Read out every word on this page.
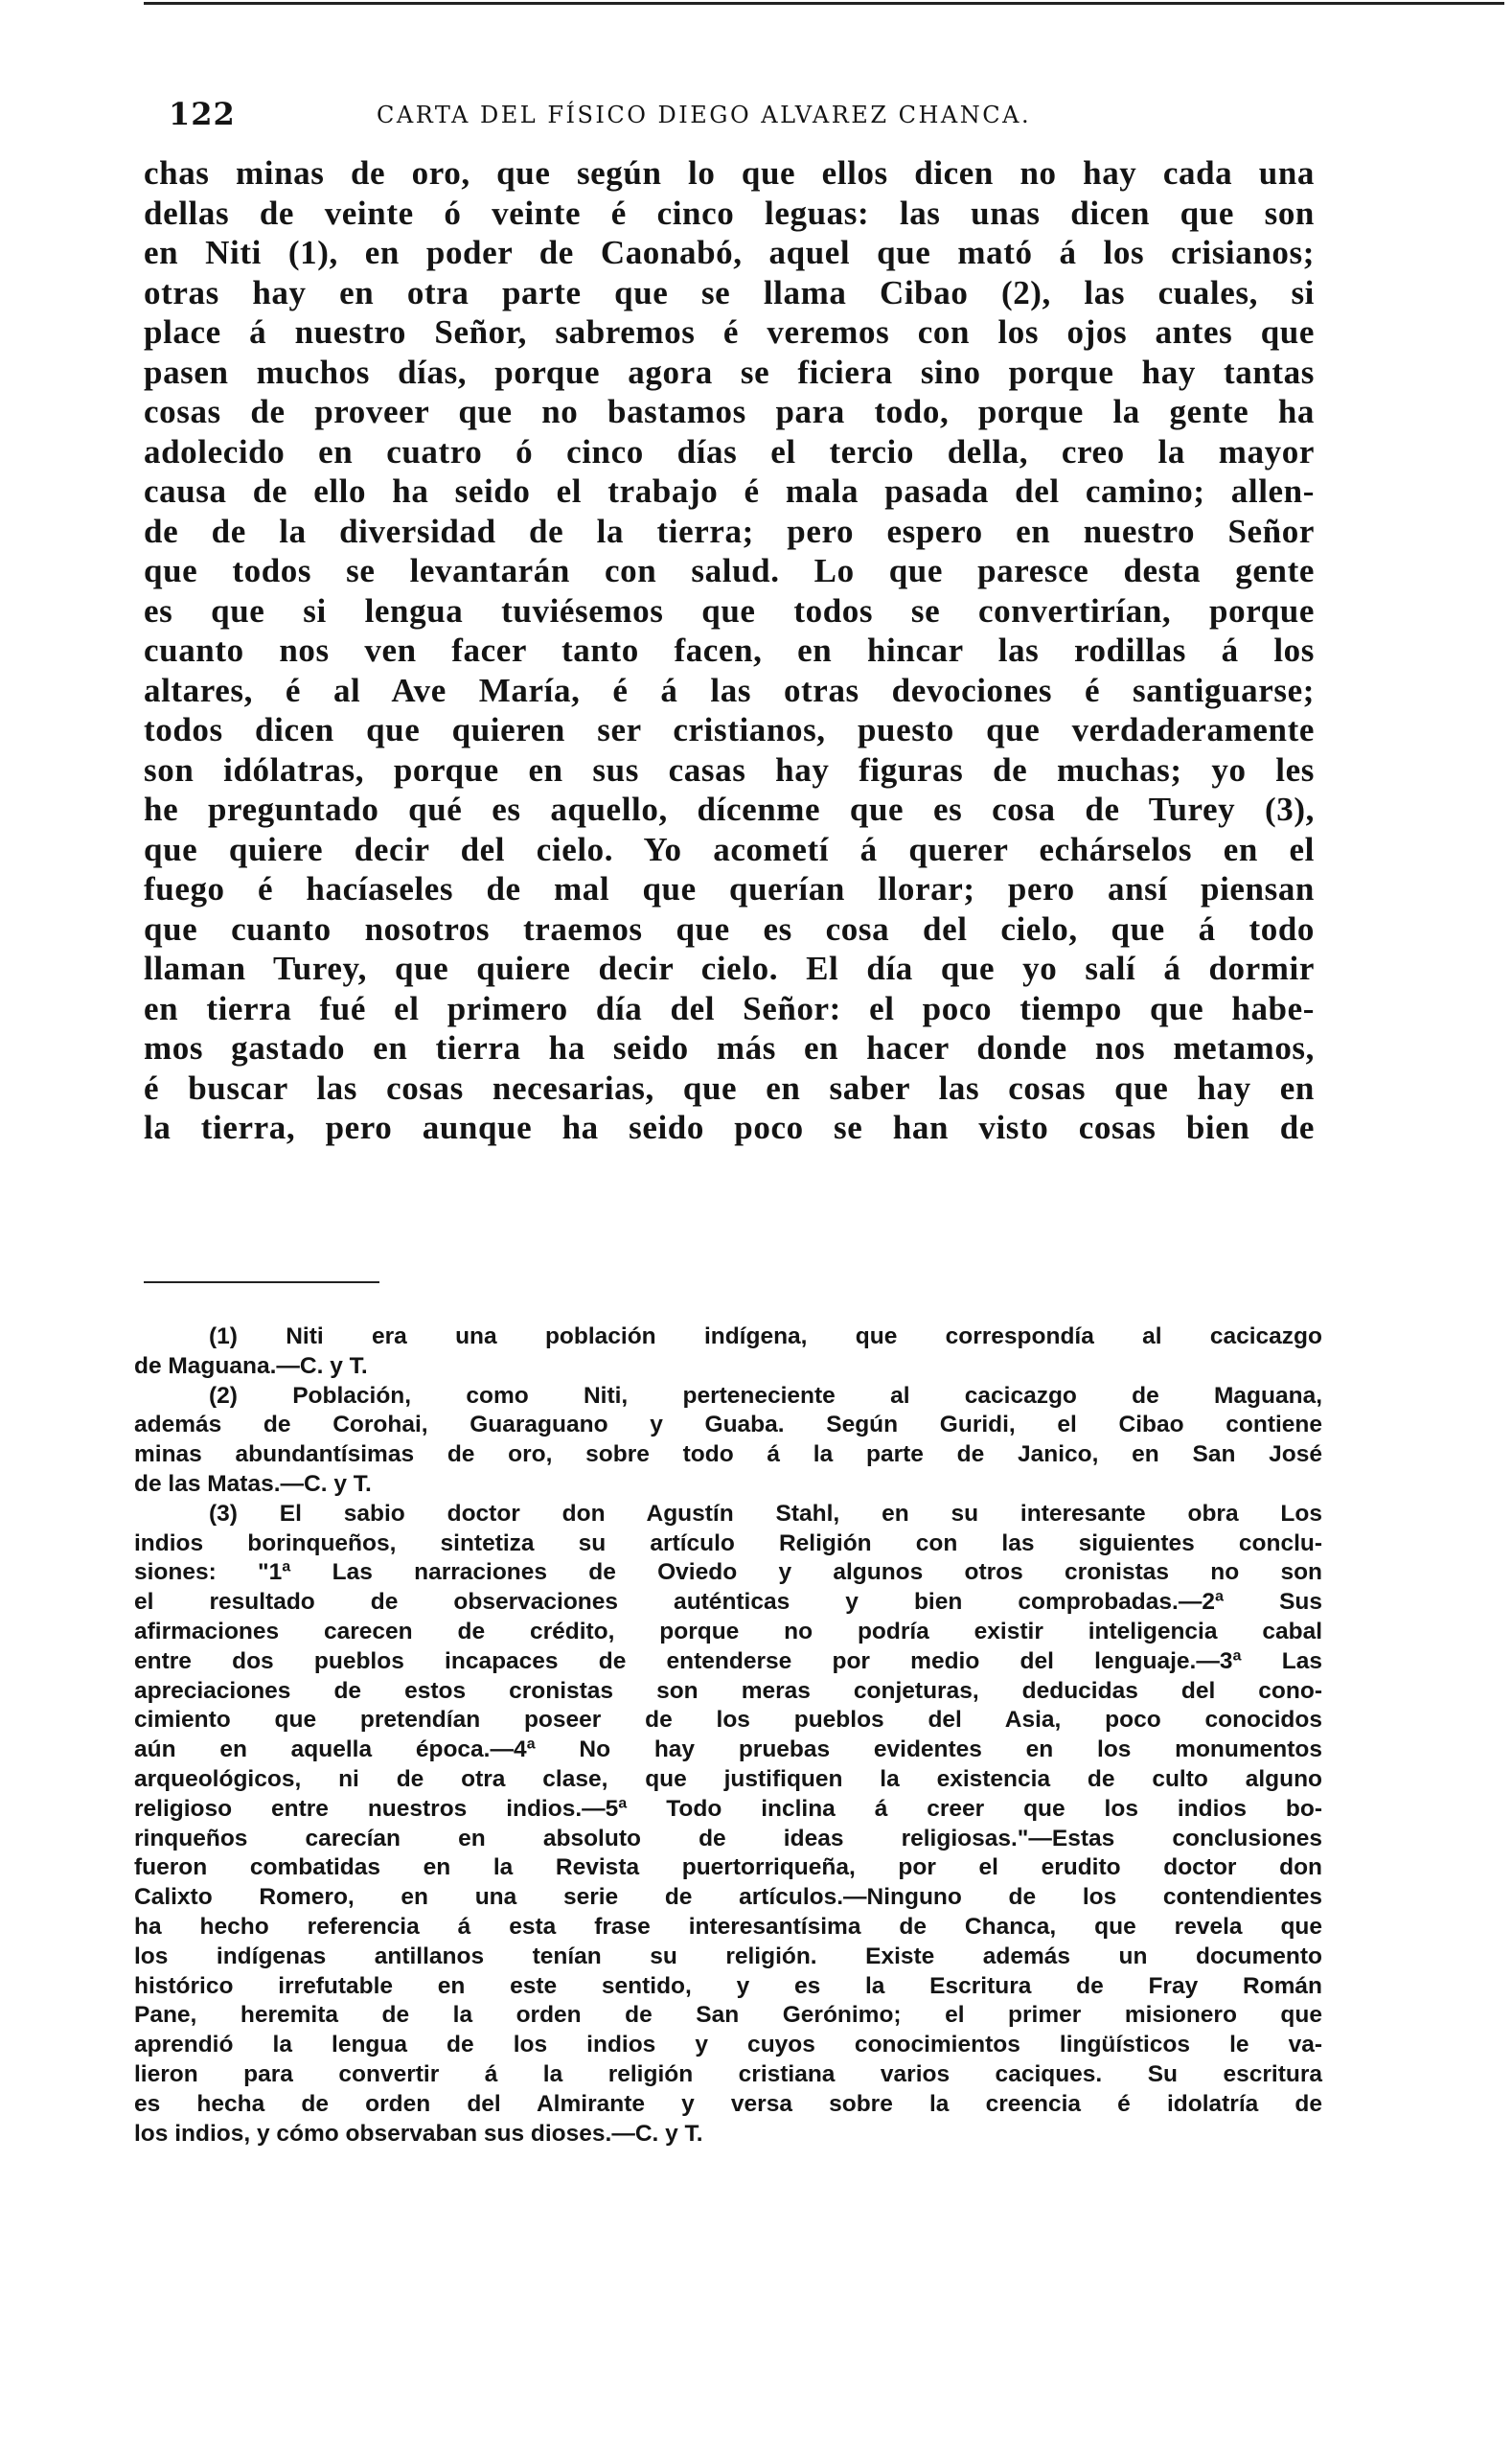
122	CARTA DEL FÍSICO DIEGO ALVAREZ CHANCA.

chas minas de oro, que según lo que ellos dicen no hay cada una
dellas de veinte ó veinte é cinco leguas: las unas dicen que son
en Niti (1), en poder de Caonabó, aquel que mató á los crisianos;
otras hay en otra parte que se llama Cibao (2), las cuales, si
place á nuestro Señor, sabremos é veremos con los ojos antes que
pasen muchos días, porque agora se ficiera sino porque hay tantas
cosas de proveer que no bastamos para todo, porque la gente ha
adolecido en cuatro ó cinco días el tercio della, creo la mayor
causa de ello ha seido el trabajo é mala pasada del camino; allen-
de de la diversidad de la tierra; pero espero en nuestro Señor
que todos se levantarán con salud. Lo que paresce desta gente
es que si lengua tuviésemos que todos se convertirían, porque
cuanto nos ven facer tanto facen, en hincar las rodillas á los
altares, é al Ave María, é á las otras devociones é santiguarse;
todos dicen que quieren ser cristianos, puesto que verdaderamente
son idólatras, porque en sus casas hay figuras de muchas; yo les
he preguntado qué es aquello, dícenme que es cosa de Turey (3),
que quiere decir del cielo. Yo acometí á querer echárselos en el
fuego é hacíaseles de mal que querían llorar; pero ansí piensan
que cuanto nosotros traemos que es cosa del cielo, que á todo
llaman Turey, que quiere decir cielo. El día que yo salí á dormir
en tierra fué el primero día del Señor: el poco tiempo que habe-
mos gastado en tierra ha seido más en hacer donde nos metamos,
é buscar las cosas necesarias, que en saber las cosas que hay en
la tierra, pero aunque ha seido poco se han visto cosas bien de

(1) Niti era una población indígena, que correspondía al cacicazgo
de Maguana.—C. y T.
(2) Población, como Niti, perteneciente al cacicazgo de Maguana,
además de Corohai, Guaraguano y Guaba. Según Guridi, el Cibao contiene
minas abundantísimas de oro, sobre todo á la parte de Janico, en San José
de las Matas.—C. y T.
(3) El sabio doctor don Agustín Stahl, en su interesante obra Los
indios borinqueños, sintetiza su artículo Religión con las siguientes conclu-
siones: "1ª Las narraciones de Oviedo y algunos otros cronistas no son
el resultado de observaciones auténticas y bien comprobadas.—2ª Sus
afirmaciones carecen de crédito, porque no podría existir inteligencia cabal
entre dos pueblos incapaces de entenderse por medio del lenguaje.—3ª Las
apreciaciones de estos cronistas son meras conjeturas, deducidas del cono-
cimiento que pretendían poseer de los pueblos del Asia, poco conocidos
aún en aquella época.—4ª No hay pruebas evidentes en los monumentos
arqueológicos, ni de otra clase, que justifiquen la existencia de culto alguno
religioso entre nuestros indios.—5ª Todo inclina á creer que los indios bo-
rinqueños carecían en absoluto de ideas religiosas."—Estas conclusiones
fueron combatidas en la Revista puertorriqueña, por el erudito doctor don
Calixto Romero, en una serie de artículos.—Ninguno de los contendientes
ha hecho referencia á esta frase interesantísima de Chanca, que revela que
los indígenas antillanos tenían su religión. Existe además un documento
histórico irrefutable en este sentido, y es la Escritura de Fray Román
Pane, heremita de la orden de San Gerónimo; el primer misionero que
aprendió la lengua de los indios y cuyos conocimientos lingüísticos le va-
lieron para convertir á la religión cristiana varios caciques. Su escritura
es hecha de orden del Almirante y versa sobre la creencia é idolatría de
los indios, y cómo observaban sus dioses.—C. y T.
